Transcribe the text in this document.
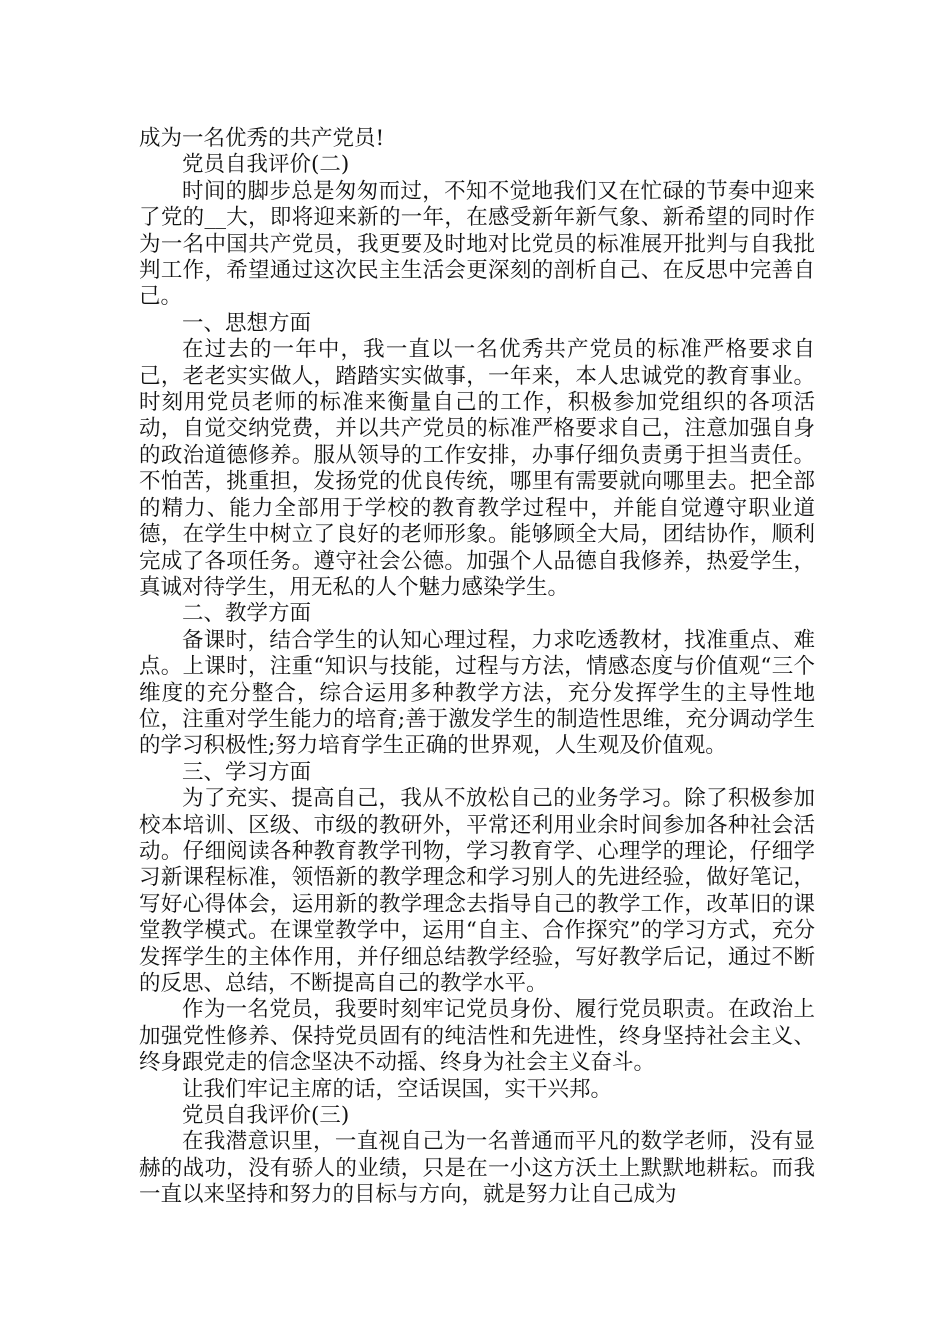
成为一名优秀的共产党员!

党员自我评价(二)

时间的脚步总是匆匆而过，不知不觉地我们又在忙碌的节奏中迎来了党的__大，即将迎来新的一年，在感受新年新气象、新希望的同时作为一名中国共产党员，我更要及时地对比党员的标准展开批判与自我批判工作，希望通过这次民主生活会更深刻的剖析自己、在反思中完善自己。

一、思想方面

在过去的一年中，我一直以一名优秀共产党员的标准严格要求自己，老老实实做人，踏踏实实做事，一年来，本人忠诚党的教育事业。时刻用党员老师的标准来衡量自己的工作，积极参加党组织的各项活动，自觉交纳党费，并以共产党员的标准严格要求自己，注意加强自身的政治道德修养。服从领导的工作安排，办事仔细负责勇于担当责任。不怕苦，挑重担，发扬党的优良传统，哪里有需要就向哪里去。把全部的精力、能力全部用于学校的教育教学过程中，并能自觉遵守职业道德，在学生中树立了良好的老师形象。能够顾全大局，团结协作，顺利完成了各项任务。遵守社会公德。加强个人品德自我修养，热爱学生，真诚对待学生，用无私的人个魅力感染学生。

二、教学方面

备课时，结合学生的认知心理过程，力求吃透教材，找准重点、难点。上课时，注重“知识与技能，过程与方法，情感态度与价值观“三个维度的充分整合，综合运用多种教学方法，充分发挥学生的主导性地位，注重对学生能力的培育;善于激发学生的制造性思维，充分调动学生的学习积极性;努力培育学生正确的世界观，人生观及价值观。

三、学习方面

为了充实、提高自己，我从不放松自己的业务学习。除了积极参加校本培训、区级、市级的教研外，平常还利用业余时间参加各种社会活动。仔细阅读各种教育教学刊物，学习教育学、心理学的理论，仔细学习新课程标准，领悟新的教学理念和学习别人的先进经验，做好笔记，写好心得体会，运用新的教学理念去指导自己的教学工作，改革旧的课堂教学模式。在课堂教学中，运用“自主、合作探究”的学习方式，充分发挥学生的主体作用，并仔细总结教学经验，写好教学后记，通过不断的反思、总结，不断提高自己的教学水平。

作为一名党员，我要时刻牢记党员身份、履行党员职责。在政治上加强党性修养、保持党员固有的纯洁性和先进性，终身坚持社会主义、终身跟党走的信念坚决不动摇、终身为社会主义奋斗。

让我们牢记主席的话，空话误国，实干兴邦。

党员自我评价(三)

在我潜意识里，一直视自己为一名普通而平凡的数学老师，没有显赫的战功，没有骄人的业绩，只是在一小这方沃土上默默地耕耘。而我一直以来坚持和努力的目标与方向，就是努力让自己成为
